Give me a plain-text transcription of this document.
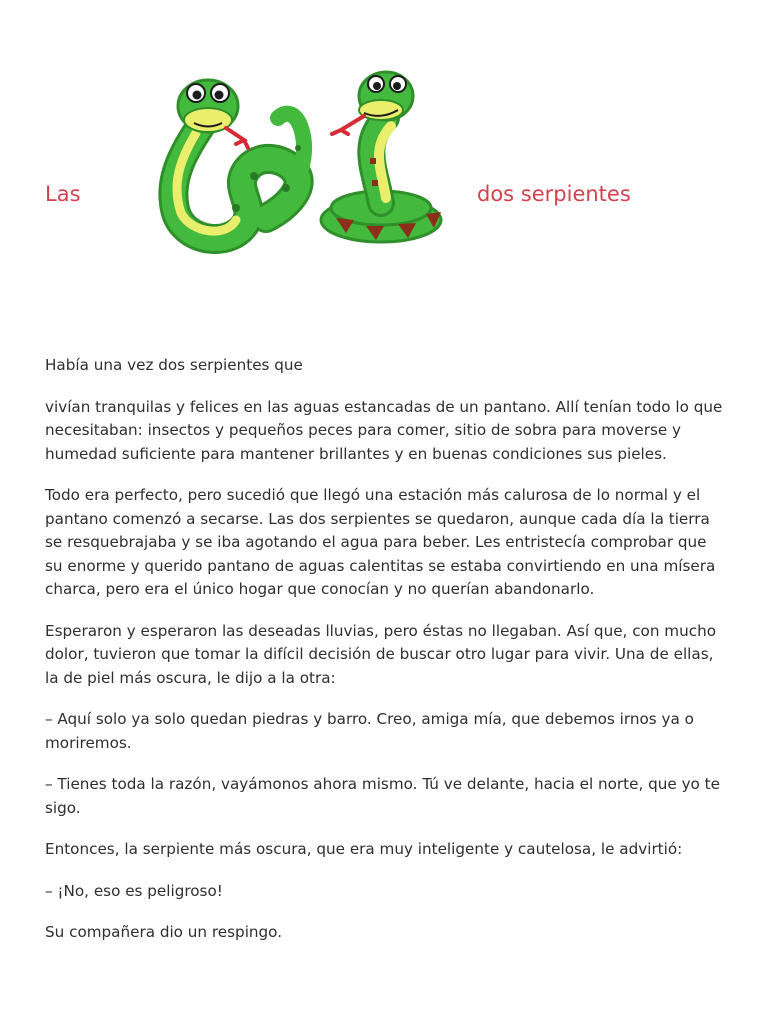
Las	dos serpientes

Había una vez dos serpientes que

vivían tranquilas y felices en las aguas estancadas de un pantano. Allí tenían todo lo que necesitaban: insectos y pequeños peces para comer, sitio de sobra para moverse y humedad suficiente para mantener brillantes y en buenas condiciones sus pieles.

Todo era perfecto, pero sucedió que llegó una estación más calurosa de lo normal y el pantano comenzó a secarse. Las dos serpientes se quedaron, aunque cada día la tierra se resquebrajaba y se iba agotando el agua para beber. Les entristecía comprobar que su enorme y querido pantano de aguas calentitas se estaba convirtiendo en una mísera charca, pero era el único hogar que conocían y no querían abandonarlo.

Esperaron y esperaron las deseadas lluvias, pero éstas no llegaban. Así que, con mucho dolor, tuvieron que tomar la difícil decisión de buscar otro lugar para vivir. Una de ellas, la de piel más oscura, le dijo a la otra:

– Aquí solo ya solo quedan piedras y barro. Creo, amiga mía, que debemos irnos ya o moriremos.

– Tienes toda la razón, vayámonos ahora mismo. Tú ve delante, hacia el norte, que yo te sigo.

Entonces, la serpiente más oscura, que era muy inteligente y cautelosa, le advirtió:

– ¡No, eso es peligroso!

Su compañera dio un respingo.
